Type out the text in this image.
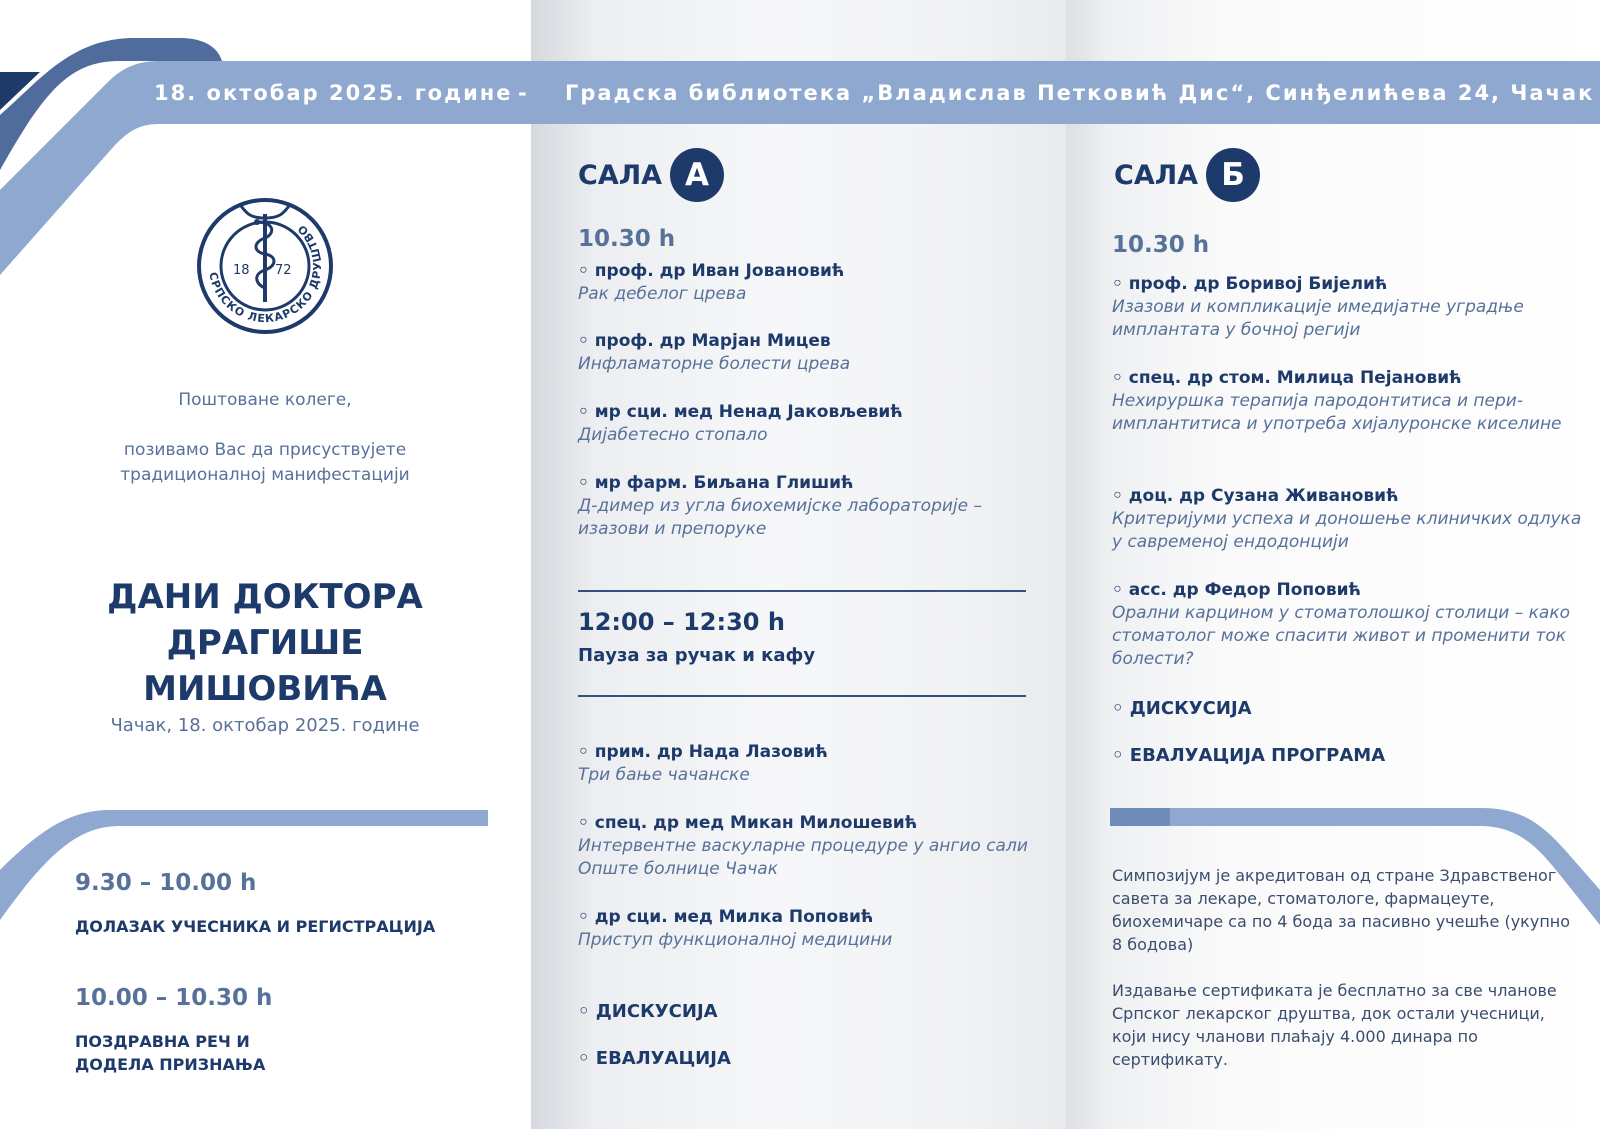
18. октобар 2025. године - Градска библиотека „Владислав Петковић Дис“, Синђелићева 24, Чачак
СРПСКО ЛЕКАРСКО ДРУШТВО
18 72
Поштоване колеге,
позивамо Вас да присуствујете
традиционалној манифестацији
ДАНИ ДОКТОРА
ДРАГИШЕ МИШОВИЋА
Чачак, 18. октобар 2025. године
9.30 – 10.00 h
ДОЛАЗАК УЧЕСНИКА И РЕГИСТРАЦИЈА
10.00 – 10.30 h
ПОЗДРАВНА РЕЧ И
ДОДЕЛА ПРИЗНАЊА
САЛА А
10.30 h
◦ проф. др Иван Јовановић
Рак дебелог црева
◦ проф. др Марјан Мицев
Инфламаторне болести црева
◦ мр сци. мед Ненад Јаковљевић
Дијабетесно стопало
◦ мр фарм. Биљана Глишић
Д-димер из угла биохемијске лабораторије – изазови и препоруке
12:00 – 12:30 h
Пауза за ручак и кафу
◦ прим. др Нада Лазовић
Три бање чачанске
◦ спец. др мед Микан Милошевић
Интервентне васкуларне процедуре у ангио сали Опште болнице Чачак
◦ др сци. мед Милка Поповић
Приступ функционалној медицини
◦ ДИСКУСИЈА
◦ ЕВАЛУАЦИЈА
САЛА Б
10.30 h
◦ проф. др Боривој Бијелић
Изазови и компликације имедијатне уградње имплантата у бочној регији
◦ спец. др стом. Милица Пејановић
Нехируршка терапија пародонтитиса и пери-имплантитиса и употреба хијалуронске киселине
◦ доц. др Сузана Живановић
Критеријуми успеха и доношење клиничких одлука у савременој ендодонцији
◦ асс. др Федор Поповић
Орални карцином у стоматолошкој столици – како стоматолог може спасити живот и променити ток болести?
◦ ДИСКУСИЈА
◦ ЕВАЛУАЦИЈА ПРОГРАМА
Симпозијум је акредитован од стране Здравственог савета за лекаре, стоматологе, фармацеуте, биохемичаре са по 4 бода за пасивно учешће (укупно 8 бодова)
Издавање сертификата је бесплатно за све чланове Српског лекарског друштва, док остали учесници, који нису чланови плаћају 4.000 динара по сертификату.
